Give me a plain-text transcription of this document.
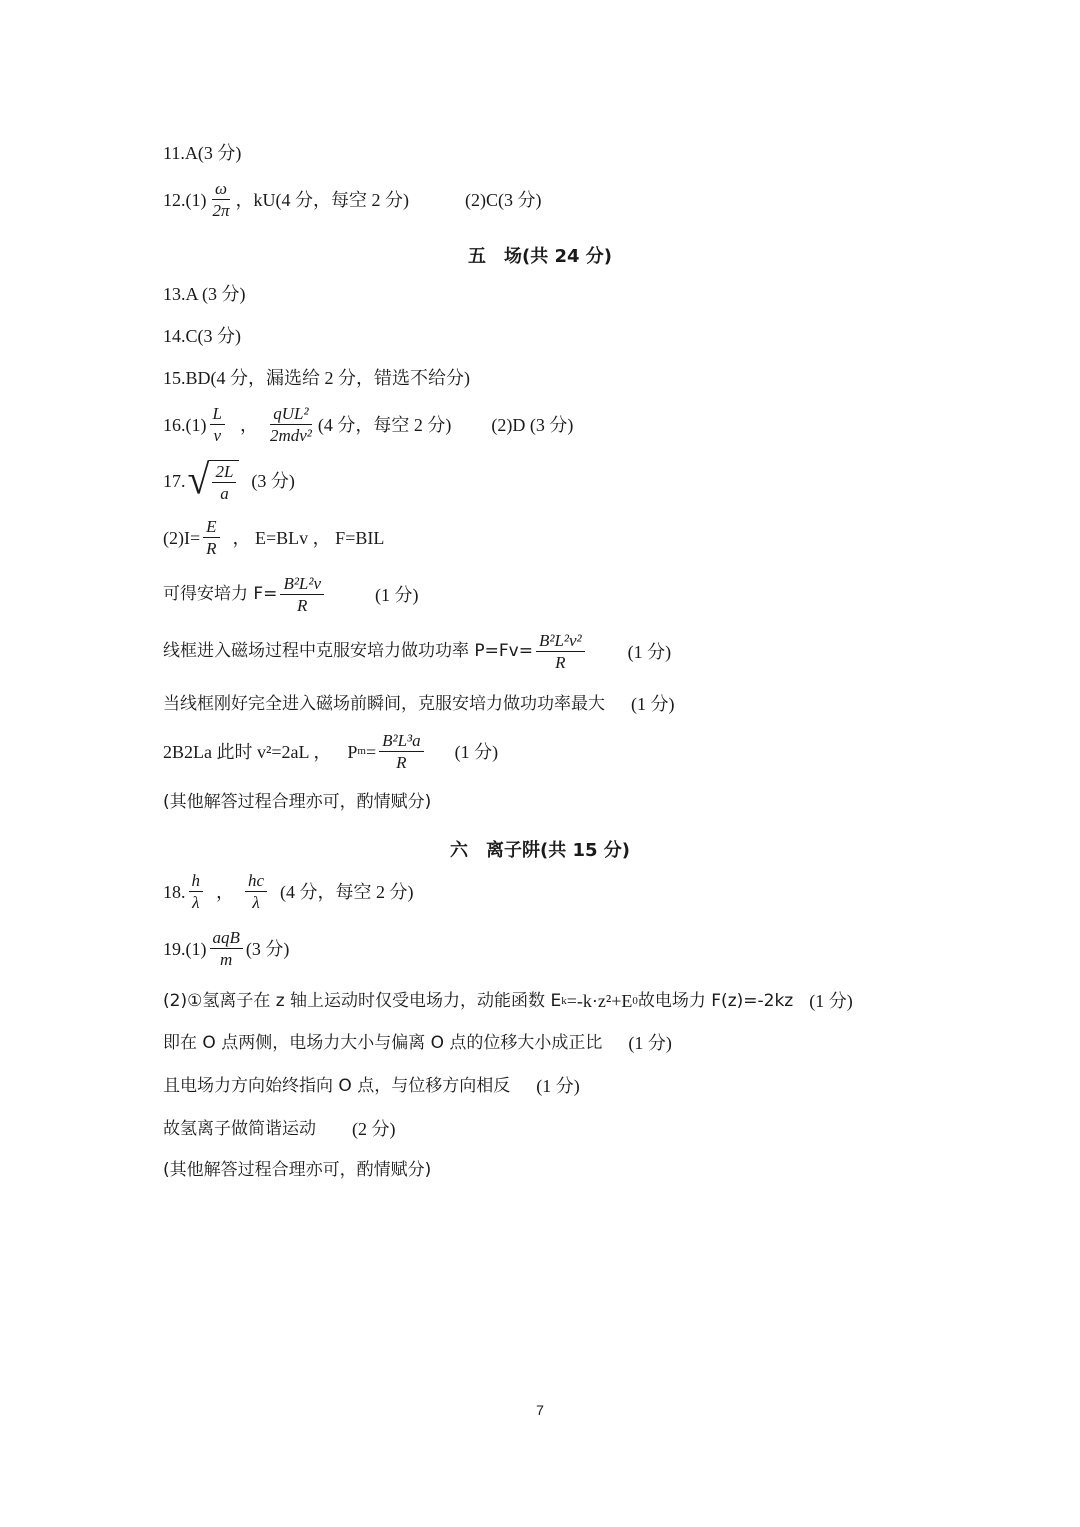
11.A(3 分)
$12.(1) \frac{\omega}{2\pi}$ ，kU(4 分，每空 2 分)	(2)C(3 分)
五 场(共 24 分)
13.A (3 分)
14.C(3 分)
15.BD(4 分，漏选给 2 分，错选不给分)
$16.(1) \frac{L}{v}$ ， $\frac{\text{qUL²}}{\text{2mdv²}} (4$ 分，每空 2 分) (2)D (3 分)
17. √ $\frac{2L}{a} (3$ 分)
$(2)I= \frac{E}{R}$ ， E=BLv ， F=BIL
可得安培力 $F= \frac{\text{B²L²v}}{R}$	(1 分)
线框进入磁场过程中克服安培力做功功率 $P=Fv= \frac{\text{B²L²v²}}{R} (1$ 分)
当线框刚好完全进入磁场前瞬间，克服安培力做功功率最大 (1 分)
2B2La 此时 v²=2aL ， P $m = \frac{\text{B²L³a}}{R} (1$ 分)
(其他解答过程合理亦可，酌情赋分)
六 离子阱(共 15 分)
18. $\frac{h}{\lambda}$ ， $\frac{hc}{\lambda} (4$ 分，每空 2 分)
$19.(1) \frac{\text{aqB}}{m} (3$ 分)
(2)①氢离子在 z 轴上运动时仅受电场力，动能函数 E k =-k·z²+E 0 故电场力 F(z)=-2kz (1 分)
即在 O 点两侧，电场力大小与偏离 O 点的位移大小成正比 (1 分)
且电场力方向始终指向 O 点，与位移方向相反 (1 分)
故氢离子做简谐运动 (2 分)
(其他解答过程合理亦可，酌情赋分)
7
